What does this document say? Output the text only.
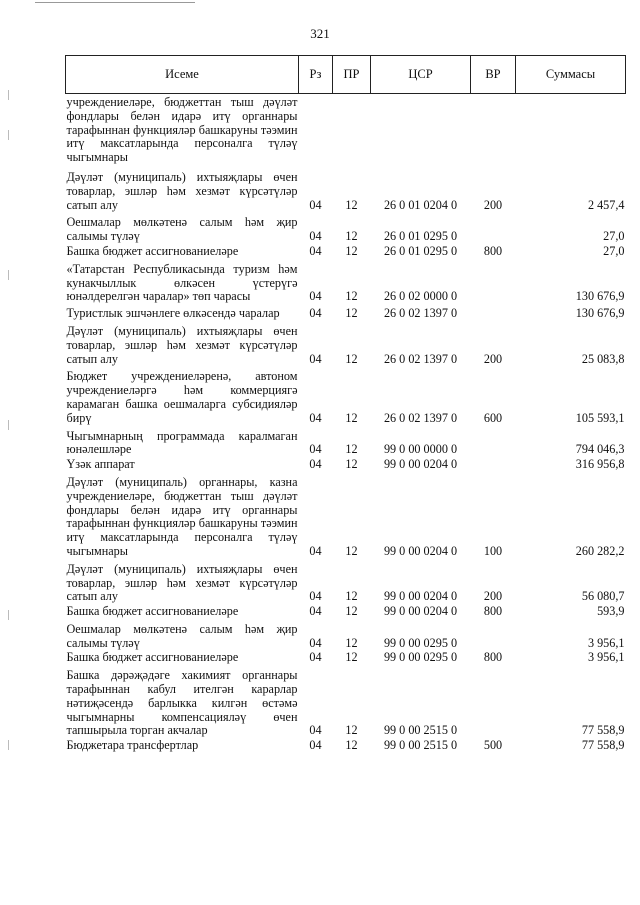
321
Исеме	Рз	ПР	ЦСР	ВР	Суммасы
учреждениеләре, бюджеттан тыш дәүләт фондлары белән идарә итү органнары тарафыннан функцияләр башкаруны тәэмин итү максатларында персоналга түләү чыгымнары					
Дәүләт (муниципаль) ихтыяҗлары өчен товарлар, эшләр һәм хезмәт күрсәтүләр сатып алу	04	12	26 0 01 0204 0	200	2 457,4
Оешмалар мөлкәтенә салым һәм җир салымы түләү	04	12	26 0 01 0295 0		27,0
Башка бюджет ассигнованиеләре	04	12	26 0 01 0295 0	800	27,0
«Татарстан Республикасында туризм һәм кунакчыллык өлкәсен үстерүгә юнәлдерелгән чаралар» төп чарасы	04	12	26 0 02 0000 0		130 676,9
Туристлык эшчәнлеге өлкәсендә чаралар	04	12	26 0 02 1397 0		130 676,9
Дәүләт (муниципаль) ихтыяҗлары өчен товарлар, эшләр һәм хезмәт күрсәтүләр сатып алу	04	12	26 0 02 1397 0	200	25 083,8
Бюджет учреждениеләренә, автоном учреждениеләргә һәм коммерциягә карамаган башка оешмаларга субсидияләр бирү	04	12	26 0 02 1397 0	600	105 593,1
Чыгымнарның программада каралмаган юнәлешләре	04	12	99 0 00 0000 0		794 046,3
Үзәк аппарат	04	12	99 0 00 0204 0		316 956,8
Дәүләт (муниципаль) органнары, казна учреждениеләре, бюджеттан тыш дәүләт фондлары белән идарә итү органнары тарафыннан функцияләр башкаруны тәэмин итү максатларында персоналга түләү чыгымнары	04	12	99 0 00 0204 0	100	260 282,2
Дәүләт (муниципаль) ихтыяҗлары өчен товарлар, эшләр һәм хезмәт күрсәтүләр сатып алу	04	12	99 0 00 0204 0	200	56 080,7
Башка бюджет ассигнованиеләре	04	12	99 0 00 0204 0	800	593,9
Оешмалар мөлкәтенә салым һәм җир салымы түләү	04	12	99 0 00 0295 0		3 956,1
Башка бюджет ассигнованиеләре	04	12	99 0 00 0295 0	800	3 956,1
Башка дәрәҗәдәге хакимият органнары тарафыннан кабул ителгән карарлар нәтиҗәсендә барлыкка килгән өстәмә чыгымнарны компенсацияләү өчен тапшырыла торган акчалар	04	12	99 0 00 2515 0		77 558,9
Бюджетара трансфертлар	04	12	99 0 00 2515 0	500	77 558,9
